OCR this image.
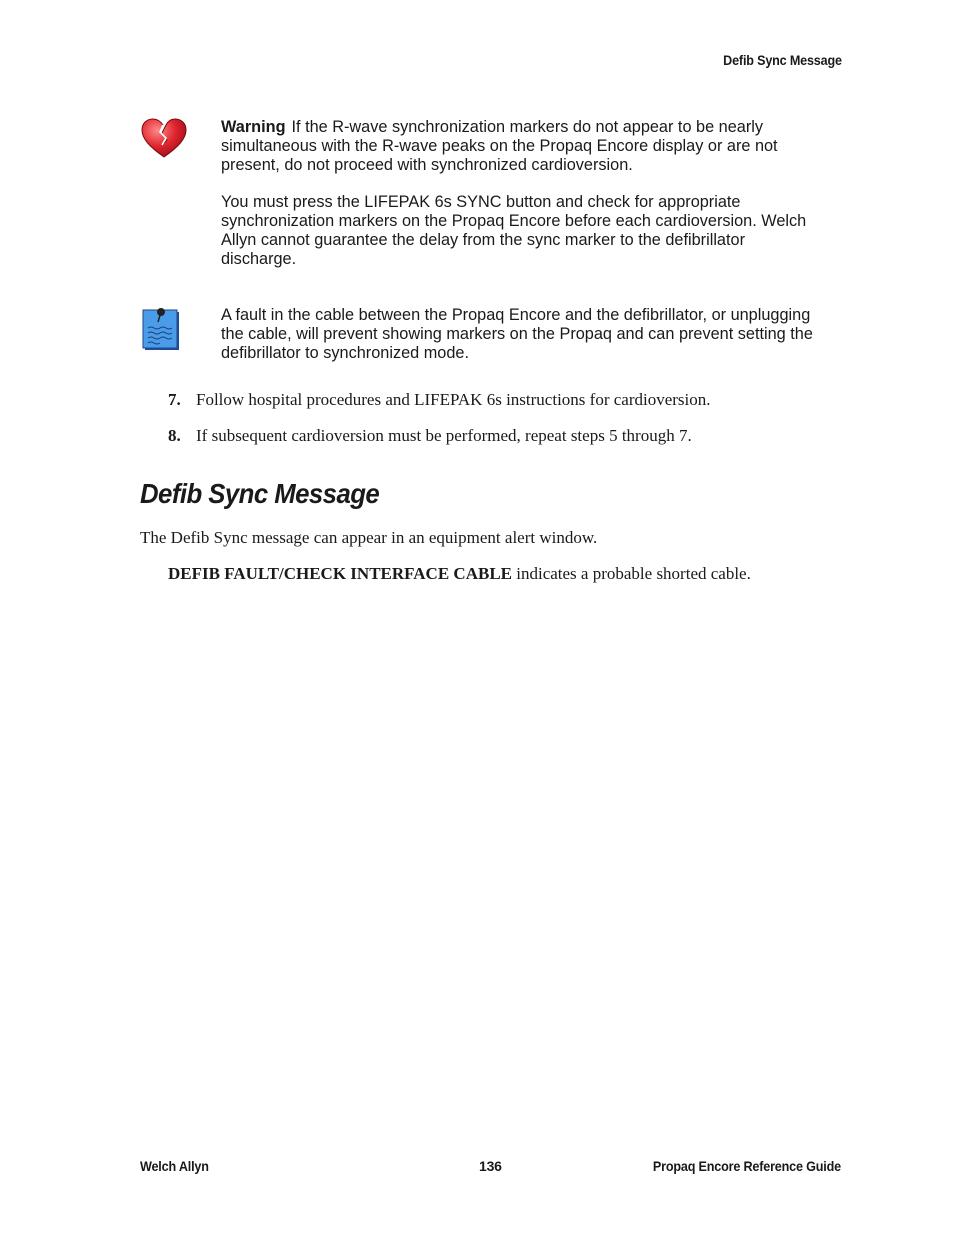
Defib Sync Message

Warning If the R-wave synchronization markers do not appear to be nearly simultaneous with the R-wave peaks on the Propaq Encore display or are not present, do not proceed with synchronized cardioversion.

You must press the LIFEPAK 6s SYNC button and check for appropriate synchronization markers on the Propaq Encore before each cardioversion. Welch Allyn cannot guarantee the delay from the sync marker to the defibrillator discharge.

A fault in the cable between the Propaq Encore and the defibrillator, or unplugging the cable, will prevent showing markers on the Propaq and can prevent setting the defibrillator to synchronized mode.

7. Follow hospital procedures and LIFEPAK 6s instructions for cardioversion.
8. If subsequent cardioversion must be performed, repeat steps 5 through 7.
Defib Sync Message

The Defib Sync message can appear in an equipment alert window.

DEFIB FAULT/CHECK INTERFACE CABLE indicates a probable shorted cable.

Welch Allyn	136	Propaq Encore Reference Guide
